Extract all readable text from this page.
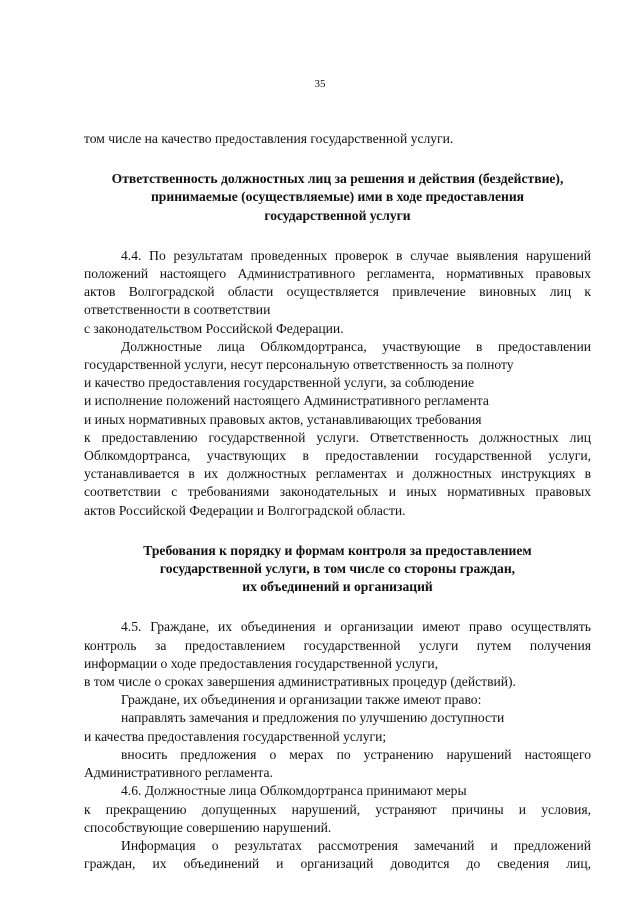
35
том числе на качество предоставления государственной услуги.
Ответственность должностных лиц за решения и действия (бездействие),
принимаемые (осуществляемые) ими в ходе предоставления
государственной услуги
4.4. По результатам проведенных проверок в случае выявления нарушений
положений настоящего Административного регламента, нормативных правовых
актов Волгоградской области осуществляется привлечение виновных лиц к
ответственности в соответствии
с законодательством Российской Федерации.
Должностные лица Облкомдортранса, участвующие в предоставлении
государственной услуги, несут персональную ответственность за полноту
и качество предоставления государственной услуги, за соблюдение
и исполнение положений настоящего Административного регламента
и иных нормативных правовых актов, устанавливающих требования
к предоставлению государственной услуги. Ответственность должностных лиц
Облкомдортранса, участвующих в предоставлении государственной услуги,
устанавливается в их должностных регламентах и должностных инструкциях в
соответствии с требованиями законодательных и иных нормативных правовых
актов Российской Федерации и Волгоградской области.
Требования к порядку и формам контроля за предоставлением
государственной услуги, в том числе со стороны граждан,
их объединений и организаций
4.5. Граждане, их объединения и организации имеют право осуществлять
контроль за предоставлением государственной услуги путем получения
информации о ходе предоставления государственной услуги,
в том числе о сроках завершения административных процедур (действий).
Граждане, их объединения и организации также имеют право:
направлять замечания и предложения по улучшению доступности
и качества предоставления государственной услуги;
вносить предложения о мерах по устранению нарушений настоящего
Административного регламента.
4.6. Должностные лица Облкомдортранса принимают меры
к прекращению допущенных нарушений, устраняют причины и условия,
способствующие совершению нарушений.
Информация о результатах рассмотрения замечаний и предложений
граждан, их объединений и организаций доводится до сведения лиц,
